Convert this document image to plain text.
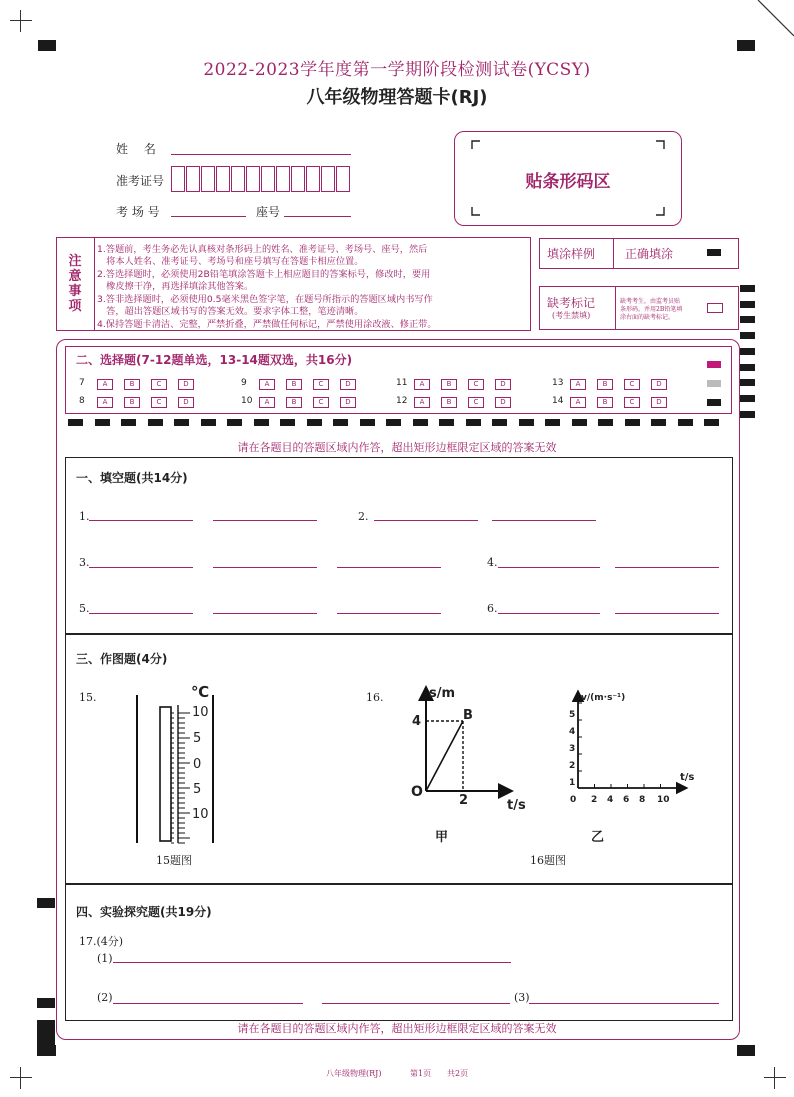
2022-2023学年度第一学期阶段检测试卷(YCSY)
八年级物理答题卡(RJ)
姓　 名
准考证号
考 场 号	座号
贴条形码区
注意事项
1.答题前，考生务必先认真核对条形码上的姓名、准考证号、考场号、座号，然后
　将本人姓名、准考证号、考场号和座号填写在答题卡相应位置。
2.答选择题时，必须使用2B铅笔填涂答题卡上相应题目的答案标号，修改时，要用
　橡皮擦干净，再选择填涂其他答案。
3.答非选择题时，必须使用0.5毫米黑色签字笔，在题号所指示的答题区域内书写作
　答，超出答题区域书写的答案无效。要求字体工整，笔迹清晰。
4.保持答题卡清洁、完整，严禁折叠，严禁做任何标记，严禁使用涂改液、修正带。
填涂样例 正确填涂
缺考标记
(考生禁填)
缺考考生，由监考员贴
条形码，并用2B铅笔填
涂右面的缺考标记。
二、选择题(7-12题单选，13-14题双选，共16分)
7	A	B	C	D	9	A	B	C	D	11	A	B	C	D	13	A	B	C	D
8	A	B	C	D	10	A	B	C	D	12	A	B	C	D	14	A	B	C	D
请在各题目的答题区域内作答，超出矩形边框限定区域的答案无效
一、填空题(共14分)
1.	2.
3.	4.
5.	6.
三、作图题(4分)
15.	16.
℃
10
5
0
5
10
15题图
s/m
4	B
O
2	t/s
甲
v/(m·s⁻¹)
t/s
5
4
3
2
1
0 2 4 6 8 10
乙
16题图
四、实验探究题(共19分)
17.(4分)
(1)
(2)	(3)
请在各题目的答题区域内作答，超出矩形边框限定区域的答案无效
八年级物理(RJ)	第1页 共2页
